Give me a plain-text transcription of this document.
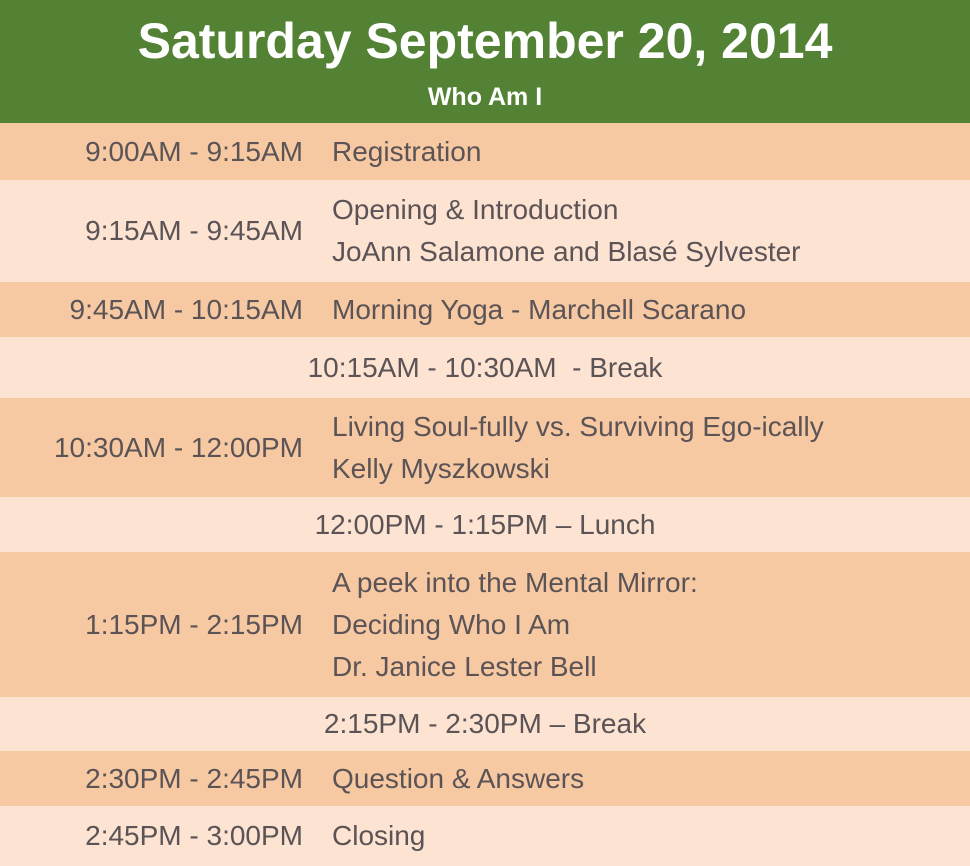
Saturday September 20, 2014
Who Am I
9:00AM - 9:15AM Registration
9:15AM - 9:45AM
Opening & Introduction
JoAnn Salamone and Blasé Sylvester
9:45AM - 10:15AM Morning Yoga - Marchell Scarano
10:15AM - 10:30AM  - Break
10:30AM - 12:00PM
Living Soul-fully vs. Surviving Ego-ically
Kelly Myszkowski
12:00PM - 1:15PM – Lunch
1:15PM - 2:15PM
A peek into the Mental Mirror:
Deciding Who I Am
Dr. Janice Lester Bell
2:15PM - 2:30PM – Break
2:30PM - 2:45PM Question & Answers
2:45PM - 3:00PM Closing
